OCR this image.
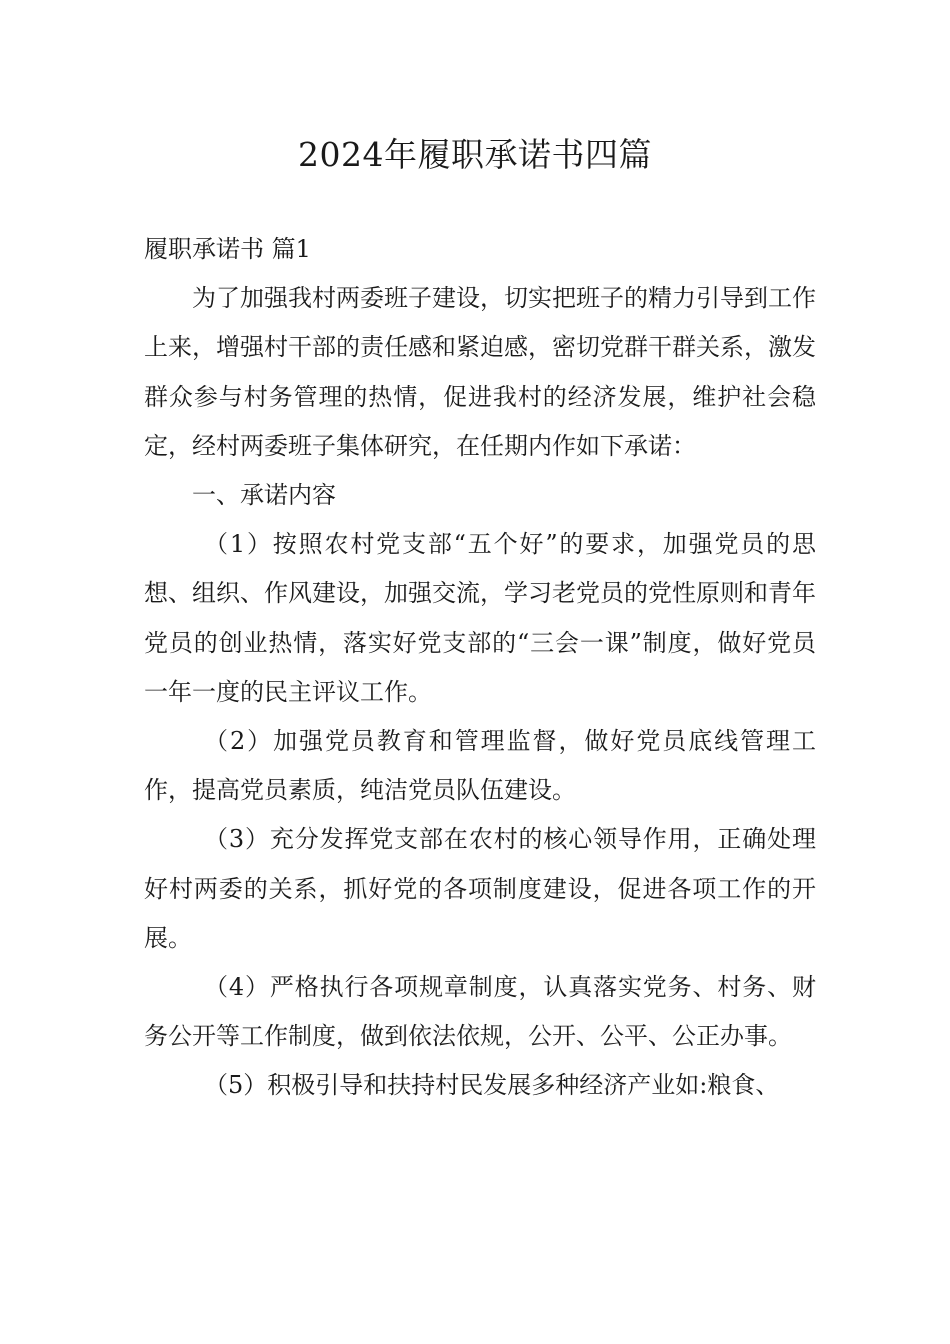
2024年履职承诺书四篇

履职承诺书 篇1

为了加强我村两委班子建设，切实把班子的精力引导到工作上来，增强村干部的责任感和紧迫感，密切党群干群关系，激发群众参与村务管理的热情，促进我村的经济发展，维护社会稳定，经村两委班子集体研究，在任期内作如下承诺：

一、承诺内容

（1）按照农村党支部“五个好”的要求，加强党员的思想、组织、作风建设，加强交流，学习老党员的党性原则和青年党员的创业热情，落实好党支部的“三会一课”制度，做好党员一年一度的民主评议工作。

（2）加强党员教育和管理监督，做好党员底线管理工作，提高党员素质，纯洁党员队伍建设。

（3）充分发挥党支部在农村的核心领导作用，正确处理好村两委的关系，抓好党的各项制度建设，促进各项工作的开展。

（4）严格执行各项规章制度，认真落实党务、村务、财务公开等工作制度，做到依法依规，公开、公平、公正办事。

（5）积极引导和扶持村民发展多种经济产业如:粮食、
